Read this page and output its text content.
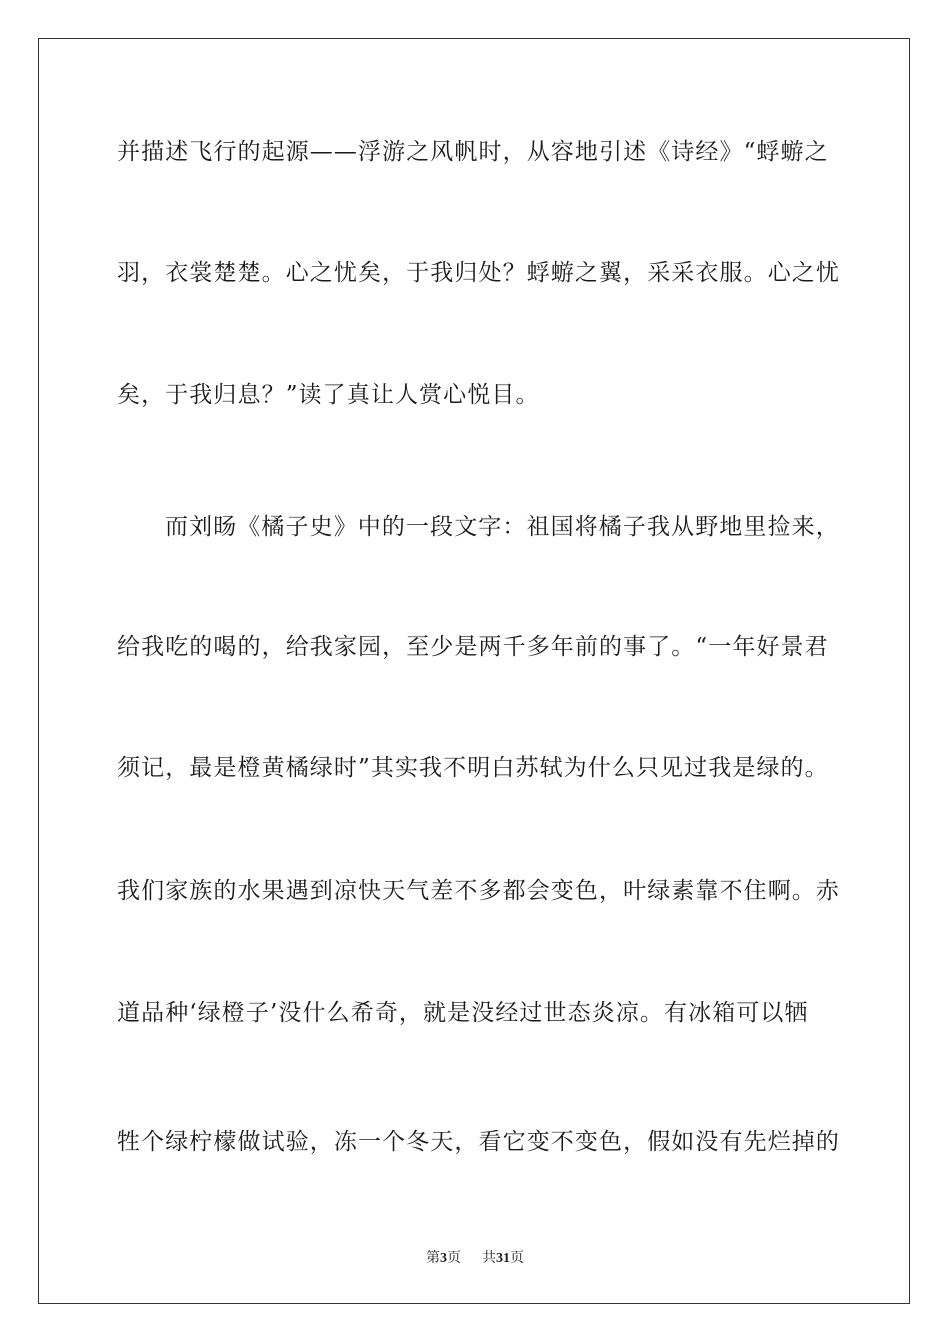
并描述飞行的起源——浮游之风帆时，从容地引述《诗经》“蜉蝣之
羽，衣裳楚楚。心之忧矣，于我归处？蜉蝣之翼，采采衣服。心之忧
矣，于我归息？”读了真让人赏心悦目。
而刘旸《橘子史》中的一段文字：祖国将橘子我从野地里捡来，
给我吃的喝的，给我家园，至少是两千多年前的事了。“一年好景君
须记，最是橙黄橘绿时”其实我不明白苏轼为什么只见过我是绿的。
我们家族的水果遇到凉快天气差不多都会变色，叶绿素靠不住啊。赤
道品种‘绿橙子’没什么希奇，就是没经过世态炎凉。有冰箱可以牺
牲个绿柠檬做试验，冻一个冬天，看它变不变色，假如没有先烂掉的
第3页 共31页
